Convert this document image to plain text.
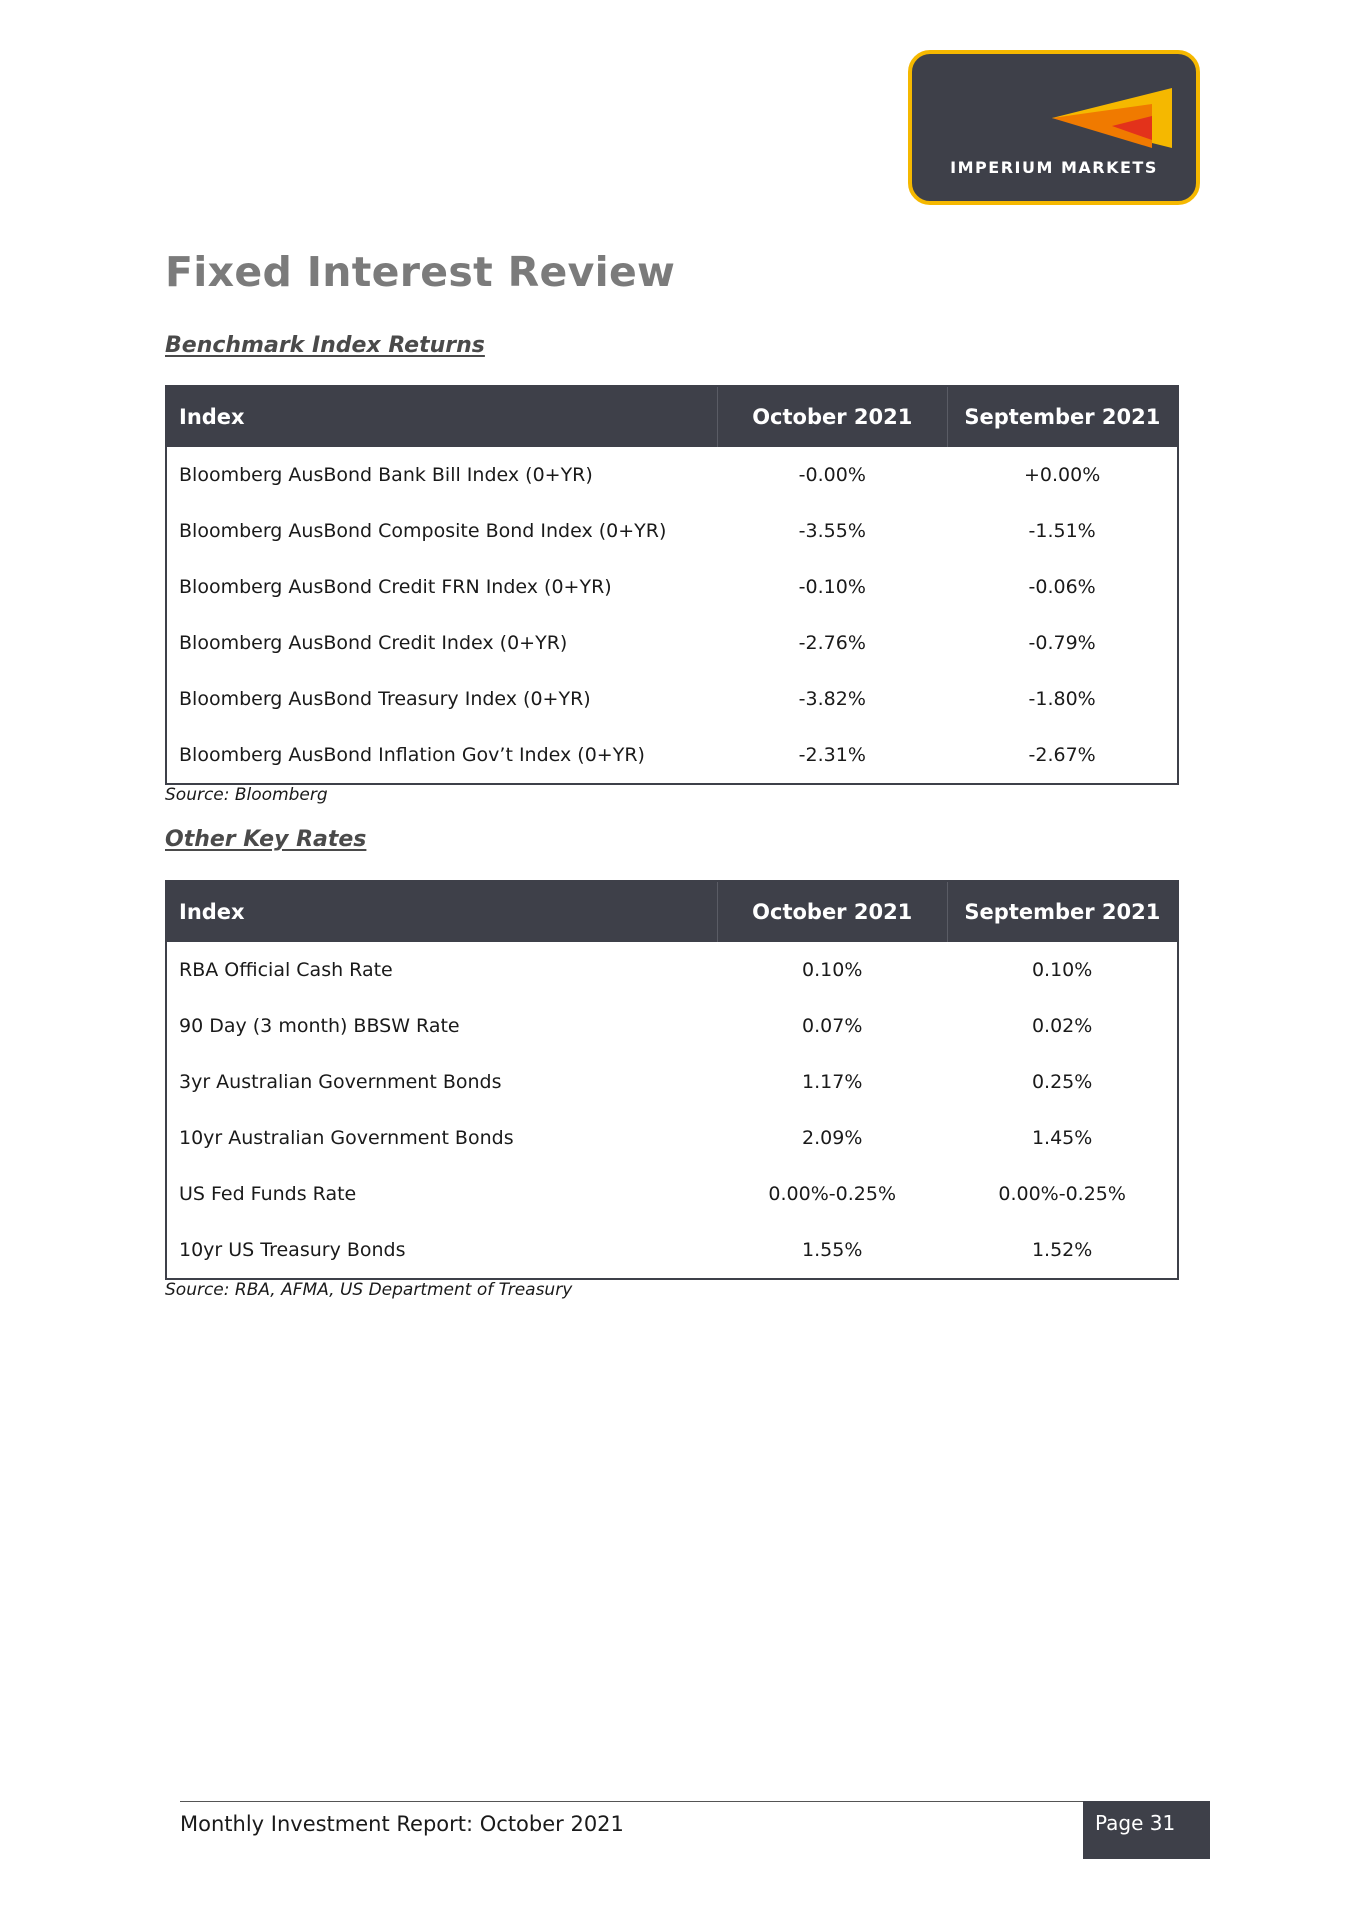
IMPERIUM MARKETS
Fixed Interest Review
Benchmark Index Returns
Index	October 2021	September 2021
Bloomberg AusBond Bank Bill Index (0+YR)	-0.00%	+0.00%
Bloomberg AusBond Composite Bond Index (0+YR)	-3.55%	-1.51%
Bloomberg AusBond Credit FRN Index (0+YR)	-0.10%	-0.06%
Bloomberg AusBond Credit Index (0+YR)	-2.76%	-0.79%
Bloomberg AusBond Treasury Index (0+YR)	-3.82%	-1.80%
Bloomberg AusBond Inflation Gov’t Index (0+YR)	-2.31%	-2.67%

Source: Bloomberg

Other Key Rates
Index	October 2021	September 2021
RBA Official Cash Rate	0.10%	0.10%
90 Day (3 month) BBSW Rate	0.07%	0.02%
3yr Australian Government Bonds	1.17%	0.25%
10yr Australian Government Bonds	2.09%	1.45%
US Fed Funds Rate	0.00%-0.25%	0.00%-0.25%
10yr US Treasury Bonds	1.55%	1.52%

Source: RBA, AFMA, US Department of Treasury

Monthly Investment Report: October 2021	Page 31
